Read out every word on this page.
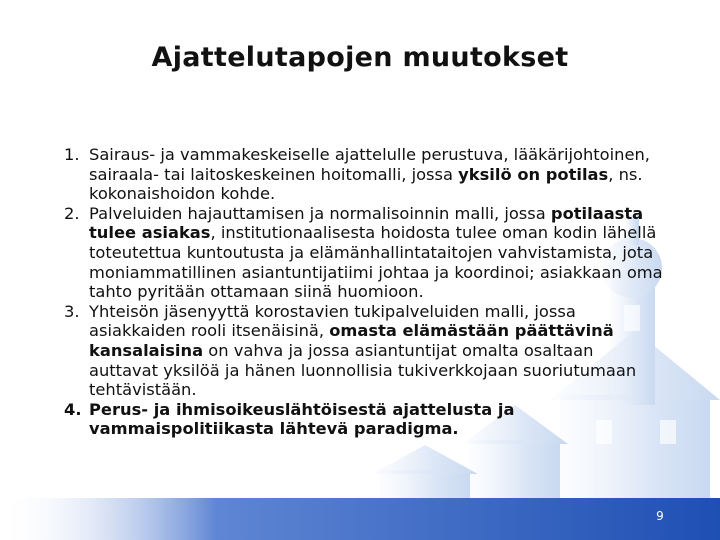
Ajattelutapojen muutokset
1. Sairaus- ja vammakeskeiselle ajattelulle perustuva, lääkärijohtoinen, sairaala- tai laitoskeskeinen hoitomalli, jossa yksilö on potilas, ns. kokonaishoidon kohde.
2. Palveluiden hajauttamisen ja normalisoinnin malli, jossa potilaasta tulee asiakas, institutionaalisesta hoidosta tulee oman kodin lähellä toteutettua kuntoutusta ja elämänhallintataitojen vahvistamista, jota moniammatillinen asiantuntijatiimi johtaa ja koordinoi; asiakkaan oma tahto pyritään ottamaan siinä huomioon.
3. Yhteisön jäsenyyttä korostavien tukipalveluiden malli, jossa asiakkaiden rooli itsenäisinä, omasta elämästään päättävinä kansalaisina on vahva ja jossa asiantuntijat omalta osaltaan auttavat yksilöä ja hänen luonnollisia tukiverkkojaan suoriutumaan tehtävistään.
4. Perus- ja ihmisoikeuslähtöisestä ajattelusta ja vammaispolitiikasta lähtevä paradigma.
9
